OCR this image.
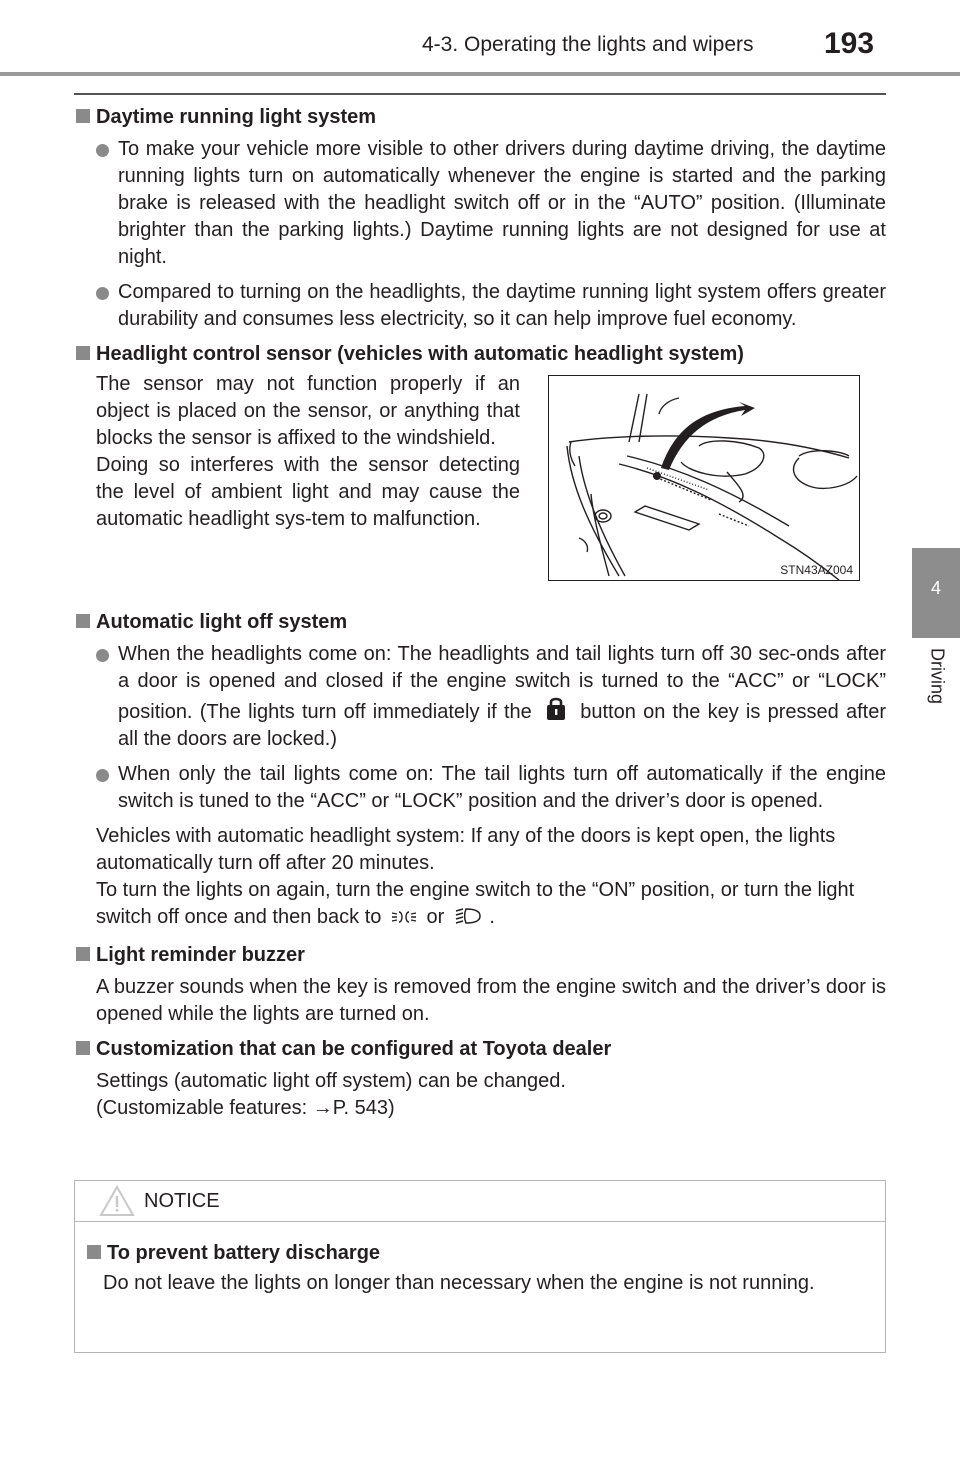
4-3. Operating the lights and wipers 193
4
Driving
Daytime running light system
To make your vehicle more visible to other drivers during daytime driving, the daytime running lights turn on automatically whenever the engine is started and the parking brake is released with the headlight switch off or in the “AUTO” position. (Illuminate brighter than the parking lights.) Daytime running lights are not designed for use at night.
Compared to turning on the headlights, the daytime running light system offers greater durability and consumes less electricity, so it can help improve fuel economy.
Headlight control sensor (vehicles with automatic headlight system)
The sensor may not function properly if an object is placed on the sensor, or anything that blocks the sensor is affixed to the windshield.
Doing so interferes with the sensor detecting the level of ambient light and may cause the automatic headlight sys-tem to malfunction.
STN43AZ004
Automatic light off system
When the headlights come on: The headlights and tail lights turn off 30 sec-onds after a door is opened and closed if the engine switch is turned to the “ACC” or “LOCK” position. (The lights turn off immediately if the button on the key is pressed after all the doors are locked.)
When only the tail lights come on: The tail lights turn off automatically if the engine switch is tuned to the “ACC” or “LOCK” position and the driver’s door is opened.
Vehicles with automatic headlight system: If any of the doors is kept open, the lights automatically turn off after 20 minutes.
To turn the lights on again, turn the engine switch to the “ON” position, or turn the light switch off once and then back to or .
Light reminder buzzer
A buzzer sounds when the key is removed from the engine switch and the driver’s door is opened while the lights are turned on.
Customization that can be configured at Toyota dealer
Settings (automatic light off system) can be changed.
(Customizable features: →P. 543)
NOTICE
To prevent battery discharge
Do not leave the lights on longer than necessary when the engine is not running.
